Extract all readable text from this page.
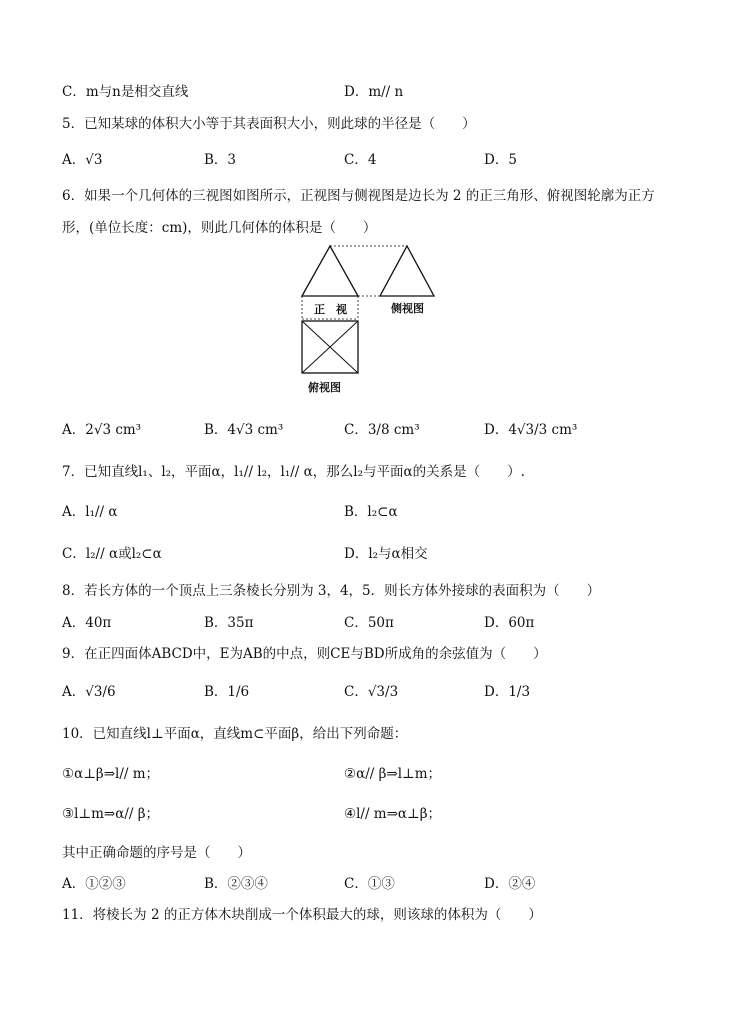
C．m与n是相交直线	D．m// n
5．已知某球的体积大小等于其表面积大小，则此球的半径是（　　）
A．√3	B．3	C．4	D．5
6．如果一个几何体的三视图如图所示，正视图与侧视图是边长为 2 的正三角形、俯视图轮廓为正方
形，(单位长度：cm)，则此几何体的体积是（　　）
正　视	侧视图
俯视图
A．2√3 cm³	B．4√3 cm³	C．3/8 cm³	D．4√3/3 cm³
7．已知直线l₁、l₂，平面α，l₁// l₂，l₁// α，那么l₂与平面α的关系是（　　）.
A．l₁// α	B．l₂⊂α
C．l₂// α或l₂⊂α	D．l₂与α相交
8．若长方体的一个顶点上三条棱长分别为 3，4，5．则长方体外接球的表面积为（　　）
A．40π	B．35π	C．50π	D．60π
9．在正四面体ABCD中，E为AB的中点，则CE与BD所成角的余弦值为（　　）
A．√3/6	B．1/6	C．√3/3	D．1/3
10．已知直线l⊥平面α，直线m⊂平面β，给出下列命题：
①α⊥β⇒l// m；	②α// β⇒l⊥m；
③l⊥m⇒α// β；	④l// m⇒α⊥β；
其中正确命题的序号是（　　）
A．①②③	B．②③④	C．①③	D．②④
11．将棱长为 2 的正方体木块削成一个体积最大的球，则该球的体积为（　　）
